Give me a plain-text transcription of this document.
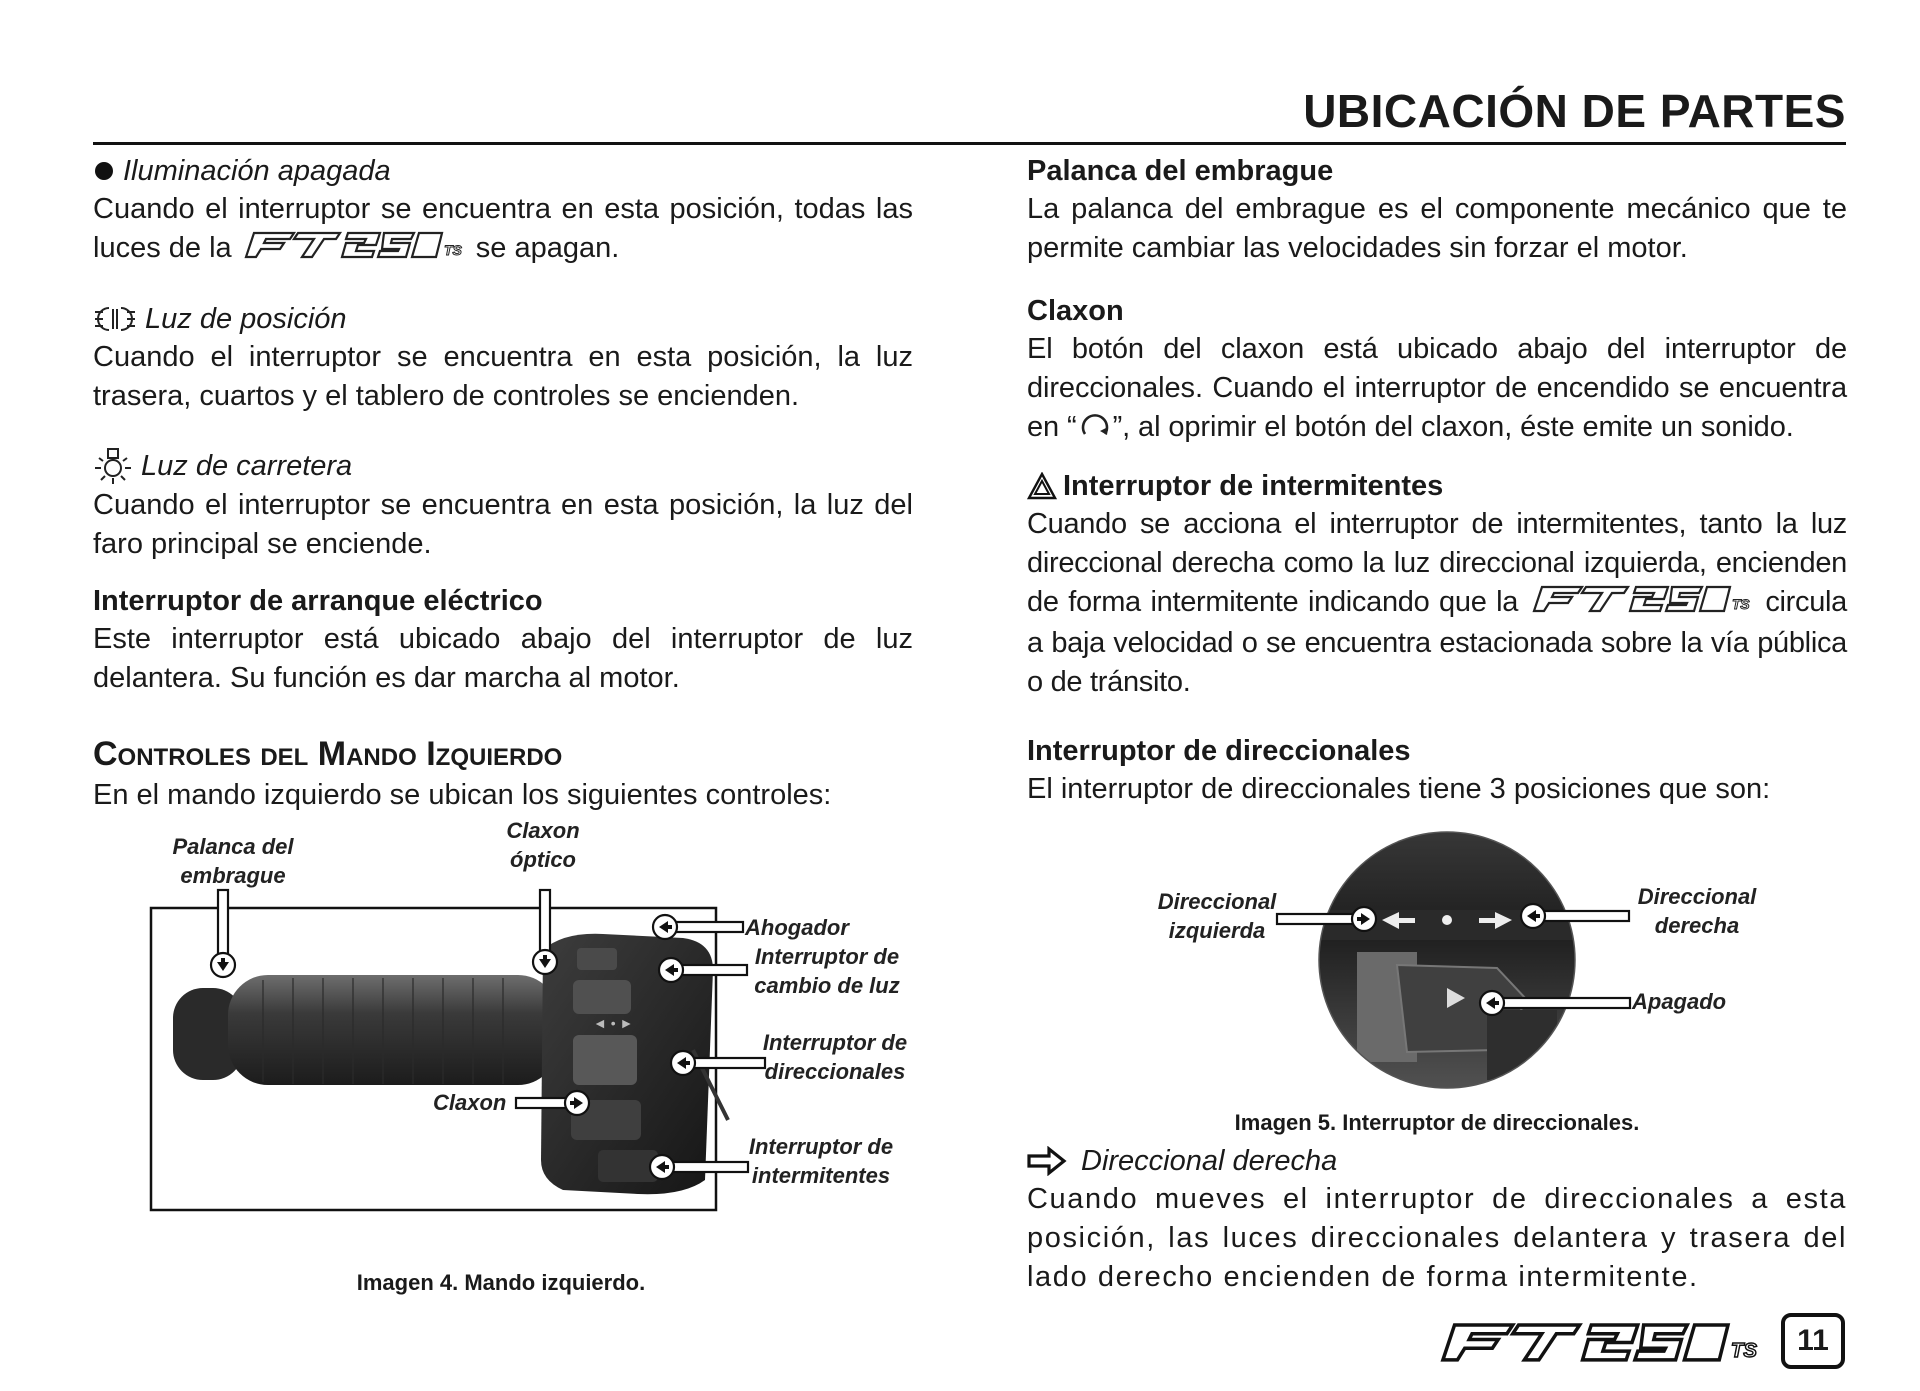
UBICACIÓN DE PARTES
Iluminación apagada
Cuando el interruptor se encuentra en esta posición, todas las luces de la	TS se apagan.
Luz de posición
Cuando el interruptor se encuentra en esta posición, la luz trasera, cuartos y el tablero de controles se encienden.
Luz de carretera
Cuando el interruptor se encuentra en esta posición, la luz del faro principal se enciende.
Interruptor de arranque eléctrico
Este interruptor está ubicado abajo del interruptor de luz delantera. Su función es dar marcha al motor.
Controles del Mando Izquierdo
En el mando izquierdo se ubican los siguientes controles:
◄ • ►
Palanca del
embrague
Claxon
óptico
Ahogador
Interruptor de
cambio de luz
Interruptor de
direccionales
Claxon
Interruptor de
intermitentes
Imagen 4. Mando izquierdo.
Palanca del embrague
La palanca del embrague es el componente mecánico que te permite cambiar las velocidades sin forzar el motor.
Claxon
El botón del claxon está ubicado abajo del interruptor de direccionales. Cuando el interruptor de encendido se encuentra en “ ”, al oprimir el botón del claxon, éste emite un sonido.
Interruptor de intermitentes
Cuando se acciona el interruptor de intermitentes, tanto la luz direccional derecha como la luz direccional izquierda, encienden de forma intermitente indicando que la	TS circula a baja velocidad o se encuentra estacionada sobre la vía pública o de tránsito.
Interruptor de direccionales
El interruptor de direccionales tiene 3 posiciones que son:
Direccional
izquierda
Direccional
derecha
Apagado
Imagen 5. Interruptor de direccionales.
Direccional derecha
Cuando mueves el interruptor de direccionales a esta posición, las luces direccionales delantera y trasera del lado derecho encienden de forma intermitente.
TS	11
